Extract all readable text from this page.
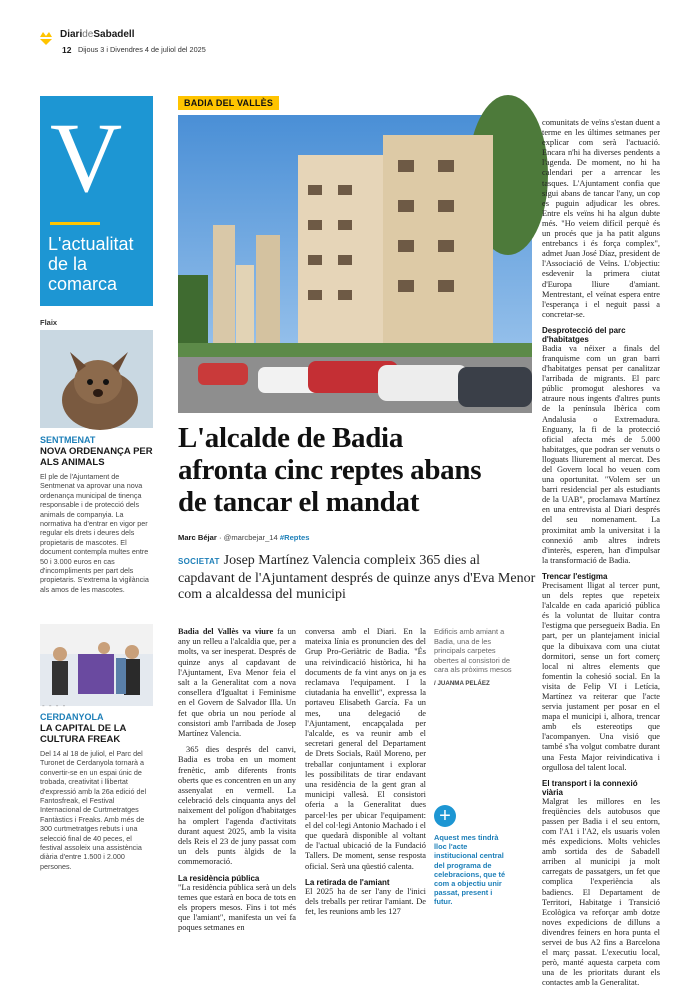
DiarideSabadell
12 Dijous 3 i Divendres 4 de juliol del 2025
V
L'actualitat de la comarca
Flaix
SENTMENAT
NOVA ORDENANÇA PER ALS ANIMALS
El ple de l'Ajuntament de Sentmenat va aprovar una nova ordenança municipal de tinença responsable i de protecció dels animals de companyia. La normativa ha d'entrar en vigor per regular els drets i deures dels propietaris de mascotes. El document contempla multes entre 50 i 3.000 euros en cas d'incompliments per part dels propietaris. S'extrema la vigilància als amos de les mascotes.
- - - -
CERDANYOLA
LA CAPITAL DE LA CULTURA FREAK
Del 14 al 18 de juliol, el Parc del Turonet de Cerdanyola tornarà a convertir-se en un espai únic de trobada, creativitat i llibertat d'expressió amb la 26a edició del Fantosfreak, el Festival Internacional de Curtmetratges Fantàstics i Freaks. Amb més de 300 curtmetratges rebuts i una selecció final de 40 peces, el festival assoleix una assistència diària d'entre 1.500 i 2.000 persones.
BADIA DEL VALLÈS
L'alcalde de Badia afronta cinc reptes abans de tancar el mandat
Marc Béjar · @marcbejar_14 #Reptes
SOCIETAT Josep Martínez Valencia compleix 365 dies al capdavant de l'Ajuntament després de quinze anys d'Eva Menor com a alcaldessa del municipi

Badia del Vallès va viure fa un any un relleu a l'alcaldia que, per a molts, va ser inesperat. Després de quinze anys al capdavant de l'Ajuntament, Eva Menor feia el salt a la Generalitat com a nova consellera d'Igualtat i Feminisme en el Govern de Salvador Illa. Un fet que obria un nou període al consistori amb l'arribada de Josep Martínez Valencia.

365 dies després del canvi, Badia es troba en un moment frenètic, amb diferents fronts oberts que es concentren en un any assenyalat en vermell. La celebració dels cinquanta anys del naixement del polígon d'habitatges ha omplert l'agenda d'activitats durant aquest 2025, amb la visita dels Reis el 23 de juny passat com un dels punts àlgids de la commemoració.

La residència pública

"La residència pública serà un dels temes que estarà en boca de tots en els propers mesos. Fins i tot més que l'amiant", manifesta un veí fa poques setmanes en

conversa amb el Diari. En la mateixa línia es pronuncien des del Grup Pro-Geriàtric de Badia. "És una reivindicació històrica, hi ha documents de fa vint anys on ja es reclamava l'equipament. I la ciutadania ha envellit", expressa la portaveu Elisabeth García. Fa un mes, una delegació de l'Ajuntament, encapçalada per l'alcalde, es va reunir amb el secretari general del Departament de Drets Socials, Raül Moreno, per treballar conjuntament i explorar les possibilitats de tirar endavant una residència de la gent gran al municipi vallesà. El consistori oferia a la Generalitat dues parcel·les per ubicar l'equipament: el del col·legi Antonio Machado i el que quedarà disponible al voltant de l'actual ubicació de la Fundació Tallers. De moment, sense resposta oficial. Serà una qüestió calenta.

La retirada de l'amiant

El 2025 ha de ser l'any de l'inici dels treballs per retirar l'amiant. De fet, les reunions amb les 127

Edificis amb amiant a Badia, una de les principals carpetes obertes al consistori de cara als pròxims mesos
/ JUANMA PELÁEZ
+
Aquest mes tindrà lloc l'acte institucional central del programa de celebracions, que té com a objectiu unir passat, present i futur.

comunitats de veïns s'estan duent a terme en les últimes setmanes per explicar com serà l'actuació. Encara n'hi ha diverses pendents a l'agenda. De moment, no hi ha calendari per a arrencar les tasques. L'Ajuntament confia que sigui abans de tancar l'any, un cop es puguin adjudicar les obres. Entre els veïns hi ha algun dubte més. "Ho veiem difícil perquè és un procés que ja ha patit alguns entrebancs i és força complex", admet Juan José Díaz, president de l'Associació de Veïns. L'objectiu: esdevenir la primera ciutat d'Europa lliure d'amiant. Mentrestant, el veïnat espera entre l'esperança i el neguit passi a concretar-se.

Desprotecció del parc d'habitatges

Badia va néixer a finals del franquisme com un gran barri d'habitatges pensat per canalitzar l'arribada de migrants. El parc públic promogut aleshores va atraure nous ingents d'altres punts de la península Ibèrica com Andalusia o Extremadura. Enguany, la fi de la protecció oficial afecta més de 5.000 habitatges, que podran ser venuts o lloguats lliurement al mercat. Des del Govern local ho veuen com una oportunitat. "Volem ser un barri residencial per als estudiants de la UAB", proclamava Martínez en una entrevista al Diari després del seu nomenament. La proximitat amb la universitat i la connexió amb altres indrets d'interès, esperen, han d'impulsar la transformació de Badia.

Trencar l'estigma

Precisament lligat al tercer punt, un dels reptes que repeteix l'alcalde en cada aparició pública és la voluntat de lluitar contra l'estigma que persegueix Badia. En part, per un plantejament inicial que la dibuixava com una ciutat dormitori, sense un fort comerç local ni altres elements que fomentin la cohesió social. En la visita de Felip VI i Letícia, Martínez va reiterar que l'acte servia justament per posar en el mapa el municipi i, alhora, trencar amb els estereotips que l'acompanyen. Una visió que també s'ha volgut combatre durant una Festa Major reivindicativa i orgullosa del talent local.

El transport i la connexió viària

Malgrat les millores en les freqüències dels autobusos que passen per Badia i el seu entorn, com l'A1 i l'A2, els usuaris volen més expedicions. Molts vehicles amb sortida des de Sabadell arriben al municipi ja molt carregats de passatgers, un fet que complica l'experiència als badiencs. El Departament de Territori, Habitatge i Transició Ecològica va reforçar amb dotze noves expedicions de dilluns a divendres feiners en hora punta el servei de bus A2 fins a Barcelona el març passat. L'executiu local, però, manté aquesta carpeta com una de les prioritats durant els contactes amb la Generalitat.
